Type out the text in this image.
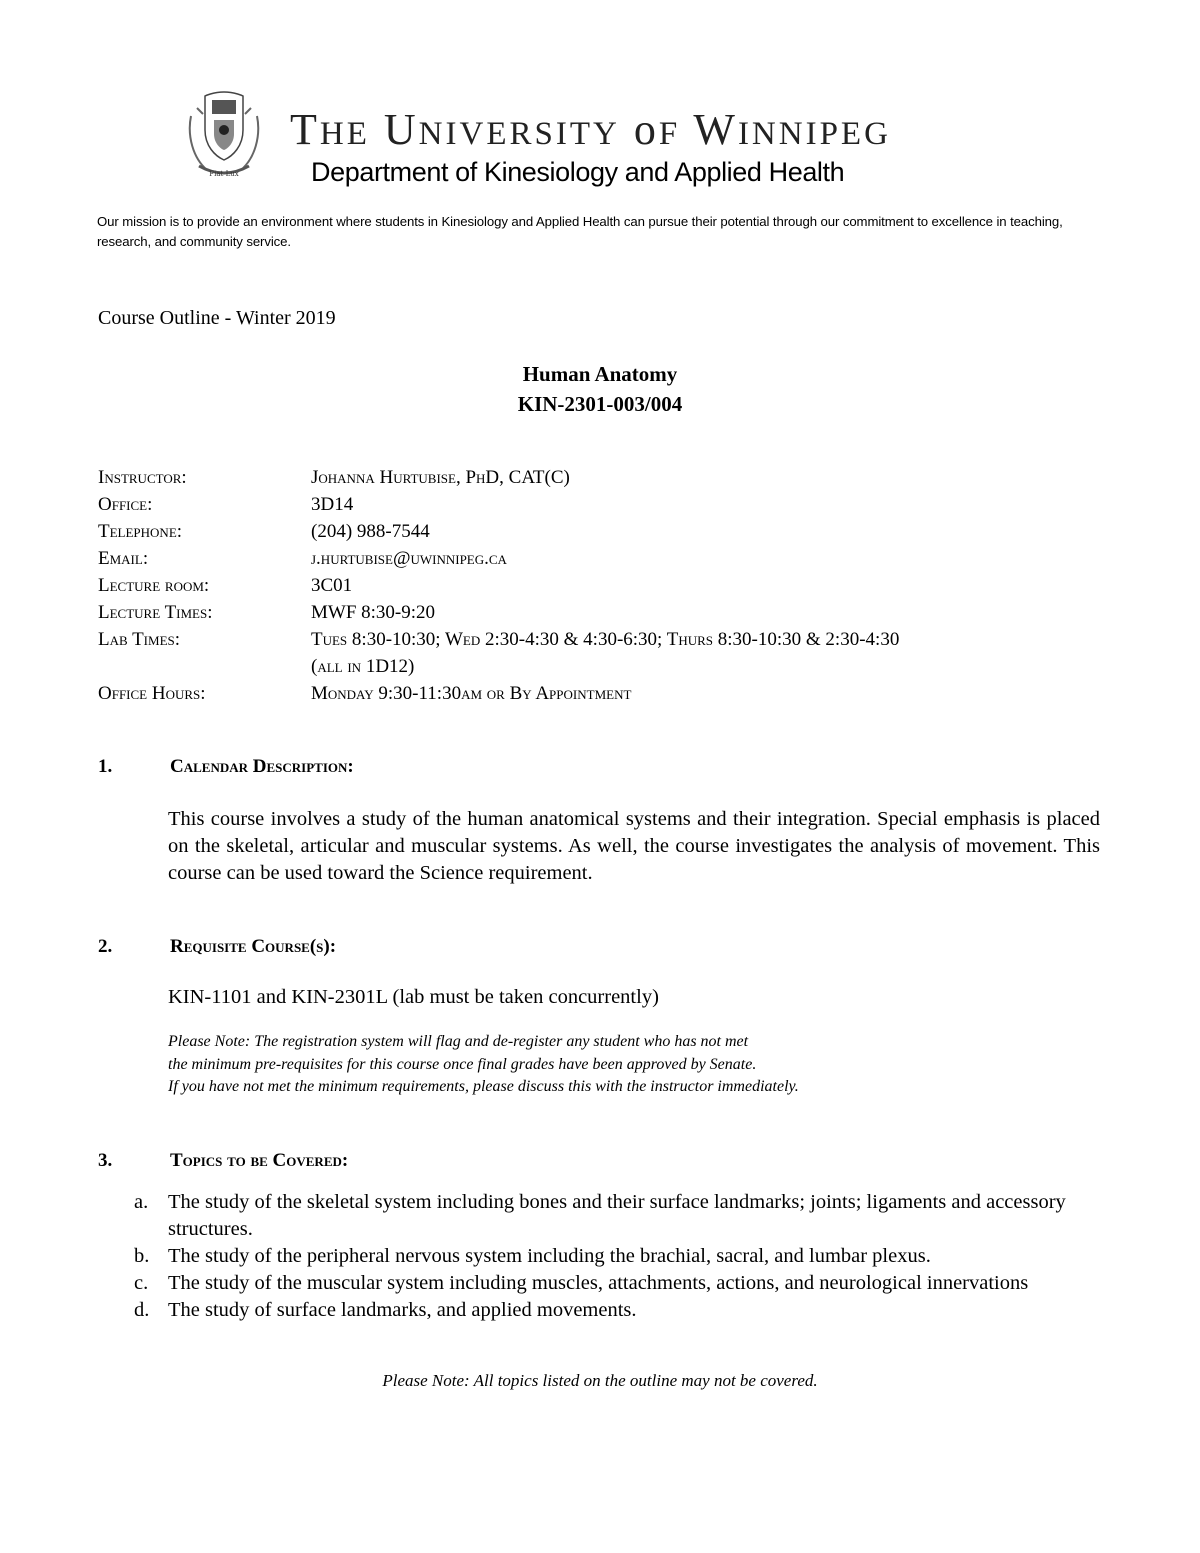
Fiat Lux
THE UNIVERSITY oF WINNIPEG
Department of Kinesiology and Applied Health
Our mission is to provide an environment where students in Kinesiology and Applied Health can pursue their potential through our commitment to excellence in teaching, research, and community service.
Course Outline - Winter 2019
Human Anatomy
KIN-2301-003/004
Instructor:	Johanna Hurtubise, PhD, CAT(C)
Office:	3D14
Telephone:	(204) 988-7544
Email:	j.hurtubise@uwinnipeg.ca
Lecture room:	3C01
Lecture Times:	MWF 8:30-9:20
Lab Times:	Tues 8:30-10:30; Wed 2:30-4:30 & 4:30-6:30; Thurs 8:30-10:30 & 2:30-4:30
(all in 1D12)
Office Hours:	Monday 9:30-11:30am or By Appointment
1.	Calendar Description:
This course involves a study of the human anatomical systems and their integration. Special emphasis is placed on the skeletal, articular and muscular systems. As well, the course investigates the analysis of movement. This course can be used toward the Science requirement.
2.	Requisite Course(s):
KIN-1101 and KIN-2301L (lab must be taken concurrently)
Please Note: The registration system will flag and de-register any student who has not met
the minimum pre-requisites for this course once final grades have been approved by Senate.
If you have not met the minimum requirements, please discuss this with the instructor immediately.
3.	Topics to be Covered:
a. The study of the skeletal system including bones and their surface landmarks; joints; ligaments and accessory structures.
b. The study of the peripheral nervous system including the brachial, sacral, and lumbar plexus.
c. The study of the muscular system including muscles, attachments, actions, and neurological innervations
d. The study of surface landmarks, and applied movements.
Please Note: All topics listed on the outline may not be covered.
